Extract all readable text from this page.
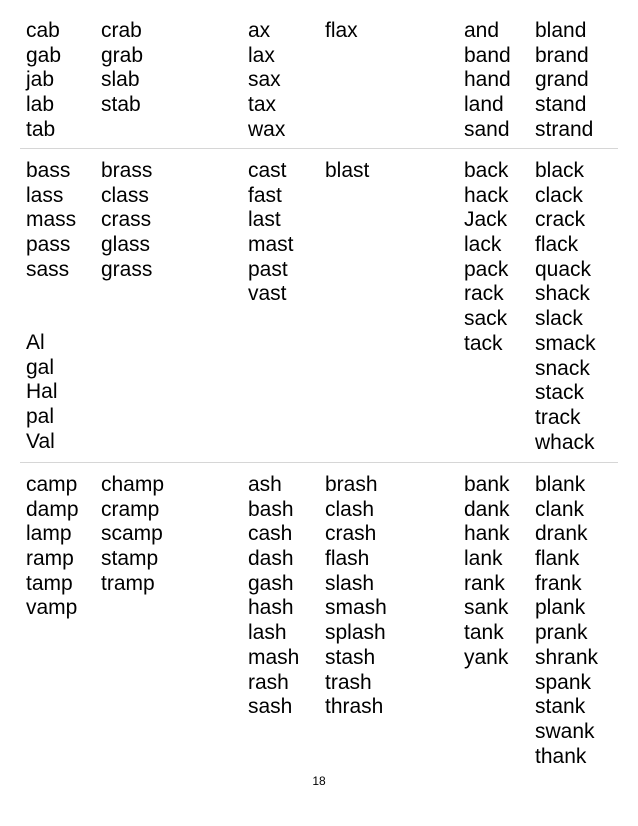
cab
gab
jab
lab
tab
crab
grab
slab
stab
ax
lax
sax
tax
wax
flax	and
band
hand
land
sand
bland
brand
grand
stand
strand
bass
lass
mass
pass
sass
brass
class
crass
glass
grass
cast
fast
last
mast
past
vast
blast	back
hack
Jack
lack
pack
rack
sack
tack
black
clack
crack
flack
quack
shack
slack
smack
snack
stack
track
whack
Al
gal
Hal
pal
Val
camp
damp
lamp
ramp
tamp
vamp
champ
cramp
scamp
stamp
tramp
ash
bash
cash
dash
gash
hash
lash
mash
rash
sash
brash
clash
crash
flash
slash
smash
splash
stash
trash
thrash
bank
dank
hank
lank
rank
sank
tank
yank
blank
clank
drank
flank
frank
plank
prank
shrank
spank
stank
swank
thank
18
